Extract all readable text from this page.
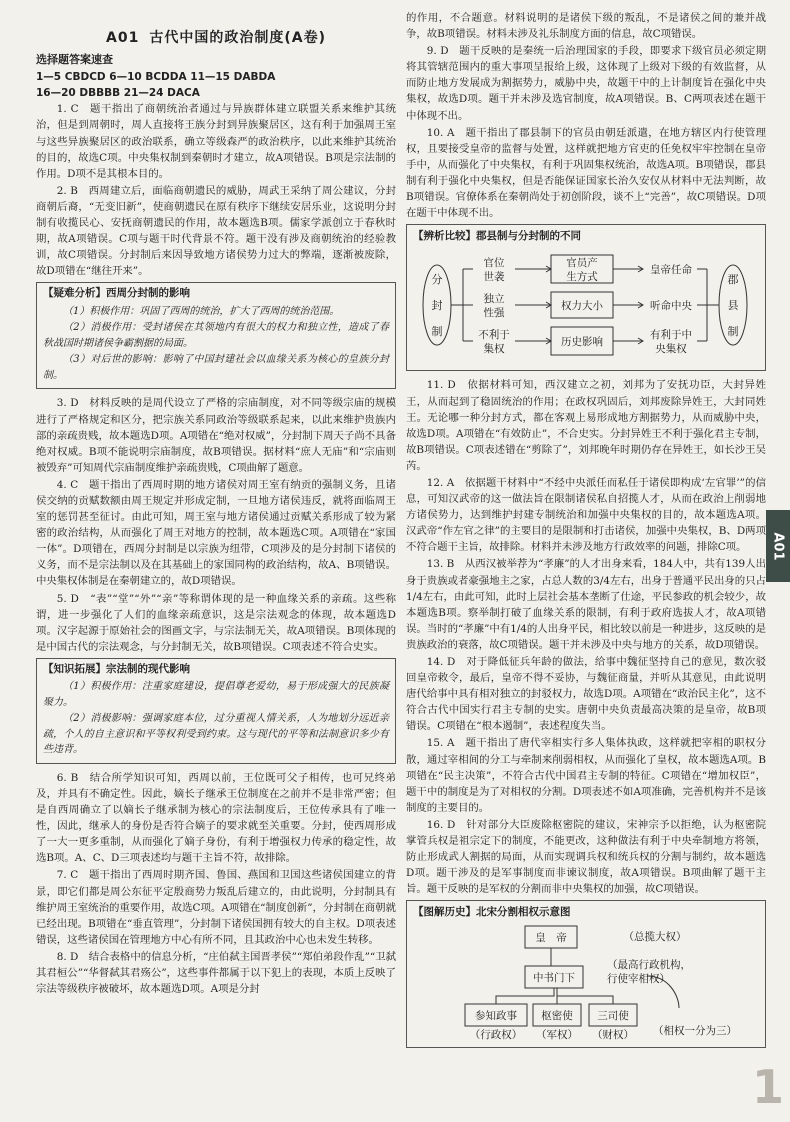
A01 古代中国的政治制度(A卷)
选择题答案速查
1—5 CBDCD 6—10 BCDDA 11—15 DABDA
16—20 DBBBB 21—24 DACA

1. C　题干指出了商朝统治者通过与异族群体建立联盟关系来维护其统治，但是到周朝时，周人直接将王族分封到异族聚居区，这有利于加强周王室与这些异族聚居区的政治联系，确立等级森严的政治秩序，以此来维护其统治的目的，故选C项。中央集权制到秦朝时才建立，故A项错误。B项是宗法制的作用。D项不是其根本目的。

2. B　西周建立后，面临商朝遗民的威胁，周武王采纳了周公建议，分封商朝后裔，“无变旧新”，使商朝遗民在原有秩序下继续安居乐业，这说明分封制有收揽民心、安抚商朝遗民的作用，故本题选B项。儒家学派创立于春秋时期，故A项错误。C项与题干时代背景不符。题干没有涉及商朝统治的经验教训，故C项错误。分封制后来因导致地方诸侯势力过大的弊端，逐渐被废除，故D项错在“继往开来”。

【疑难分析】西周分封制的影响

（1）积极作用：巩固了西周的统治，扩大了西周的统治范围。

（2）消极作用：受封诸侯在其领地内有很大的权力和独立性，造成了春秋战国时期诸侯争霸割据的局面。

（3）对后世的影响：影响了中国封建社会以血缘关系为核心的皇族分封制。

3. D　材料反映的是周代设立了严格的宗庙制度，对不同等级宗庙的规模进行了严格规定和区分，把宗族关系同政治等级联系起来，以此来维护贵族内部的亲疏贵贱，故本题选D项。A项错在“绝对权威”，分封制下周天子尚不具备绝对权威。B项不能说明宗庙制度，故B项错误。据材料“庶人无庙”和“宗庙则被毁弃”可知周代宗庙制度维护亲疏贵贱，C项曲解了题意。

4. C　题干指出了西周时期的地方诸侯对周王室有纳贡的强制义务，且诸侯交纳的贡赋数额由周王规定并形成定制，一旦地方诸侯违反，就将面临周王室的惩罚甚至征讨。由此可知，周王室与地方诸侯通过贡赋关系形成了较为紧密的政治结构，从而强化了周王对地方的控制，故本题选C项。A项错在“家国一体”。D项错在，西周分封制是以宗族为纽带，C项涉及的是分封制下诸侯的义务，而不是宗法制以及在其基础上的家国同构的政治结构，故A、B项错误。中央集权体制是在秦朝建立的，故D项错误。

5. D　“表”“堂”“外”“亲”等称谓体现的是一种血缘关系的亲疏。这些称谓，进一步强化了人们的血缘亲疏意识，这是宗法观念的体现，故本题选D项。汉字起源于原始社会的图画文字，与宗法制无关，故A项错误。B项体现的是中国古代的宗法观念，与分封制无关，故B项错误。C项表述不符合史实。

【知识拓展】宗法制的现代影响

（1）积极作用：注重家庭建设，提倡尊老爱幼，易于形成强大的民族凝聚力。

（2）消极影响：强调家庭本位，过分重视人情关系，人为地划分远近亲疏，个人的自主意识和平等权利受到约束。这与现代的平等和法制意识多少有些违背。

6. B　结合所学知识可知，西周以前，王位既可父子相传，也可兄终弟及，并具有不确定性。因此，嫡长子继承王位制度在之前并不是非常严密；但是自西周确立了以嫡长子继承制为核心的宗法制度后，王位传承具有了唯一性，因此，继承人的身份是否符合嫡子的要求就至关重要。分封，使西周形成了一大一更多重制，从而强化了嫡子身份，有利于增强权力传承的稳定性，故选B项。A、C、D三项表述均与题干主旨不符，故排除。

7. C　题干指出了西周时期齐国、鲁国、燕国和卫国这些诸侯国建立的背景，即它们都是周公东征平定殷商势力叛乱后建立的，由此说明，分封制具有维护周王室统治的重要作用，故选C项。A项错在“制度创新”，分封制在商朝就已经出现。B项错在“垂直管理”，分封制下诸侯国拥有较大的自主权。D项表述错误，这些诸侯国在管理地方中心有所不同，且其政治中心也未发生转移。

8. D　结合表格中的信息分析，“庄伯弑主国晋孝侯”“郑伯弟段作乱”“卫弑其君桓公”“华督弑其君殇公”，这些事件都属于以下犯上的表现，本质上反映了宗法等级秩序被破坏，故本题选D项。A项是分封

的作用，不合题意。材料说明的是诸侯下级的叛乱，不是诸侯之间的兼并战争，故B项错误。材料未涉及礼乐制度方面的信息，故C项错误。

9. D　题干反映的是秦统一后治理国家的手段，即要求下级官员必须定期将其管辖范围内的重大事项呈报给上级，这体现了上级对下级的有效监督，从而防止地方发展成为割据势力，威胁中央，故题干中的上计制度旨在强化中央集权，故选D项。题干并未涉及选官制度，故A项错误。B、C两项表述在题干中体现不出。

10. A　题干指出了郡县制下的官员由朝廷派遣，在地方辖区内行使管理权，且要接受皇帝的监督与处置，这样就把地方官吏的任免权牢牢控制在皇帝手中，从而强化了中央集权，有利于巩固集权统治，故选A项。B项错误，郡县制有利于强化中央集权，但是否能保证国家长治久安仅从材料中无法判断，故B项错误。官僚体系在秦朝尚处于初创阶段，谈不上“完善”，故C项错误。D项在题干中体现不出。

【辨析比较】郡县制与分封制的不同
分
封
制
郡
县
制
官位
世袭
官员产
生方式
皇帝任命
独立
性强
权力大小	听命中央
不利于
集权
历史影响
有利于中
央集权

11. D　依据材料可知，西汉建立之初，刘邦为了安抚功臣，大封异姓王，从而起到了稳固统治的作用；在政权巩固后，刘邦废除异姓王，大封同姓王。无论哪一种分封方式，都在客观上易形成地方割据势力，从而威胁中央，故选D项。A项错在“有效防止”，不合史实。分封异姓王不利于强化君主专制，故B项错误。C项表述错在“剪除了”，刘邦晚年时期仍存在异姓王，如长沙王吴芮。

12. A　依据题干材料中“不经中央派任而私任于诸侯即构成‘左官罪’”的信息，可知汉武帝的这一做法旨在限制诸侯私自招揽人才，从而在政治上削弱地方诸侯势力，达到维护封建专制统治和加强中央集权的目的，故本题选A项。汉武帝“作左官之律”的主要目的是限制和打击诸侯，加强中央集权，B、D两项不符合题干主旨，故排除。材料并未涉及地方行政效率的问题，排除C项。

13. B　从西汉被举荐为“孝廉”的人才出身来看，184人中，共有139人出身于贵族或者豪强地主之家，占总人数的3/4左右，出身于普通平民出身的只占1/4左右，由此可知，此时上层社会基本垄断了仕途，平民参政的机会较少，故本题选B项。察举制打破了血缘关系的限制，有利于政府选拔人才，故A项错误。当时的“孝廉”中有1/4的人出身平民，相比较以前是一种进步，这反映的是贵族政治的衰落，故C项错误。题干并未涉及中央与地方的关系，故D项错误。

14. D　对于降低征兵年龄的做法，给事中魏征坚持自己的意见，数次驳回皇帝敕令，最后，皇帝不得不妥协，与魏征商量，并听从其意见，由此说明唐代给事中具有相对独立的封驳权力，故选D项。A项错在“政治民主化”，这不符合古代中国实行君主专制的史实。唐朝中央负责最高决策的是皇帝，故B项错误。C项错在“根本遏制”，表述程度失当。

15. A　题干指出了唐代宰相实行多人集体执政，这样就把宰相的职权分散，通过宰相间的分工与牵制来削弱相权，从而强化了皇权，故本题选A项。B项错在“民主决策”，不符合古代中国君主专制的特征。C项错在“增加权臣”，题干中的制度是为了对相权的分割。D项表述不如A项准确，完善机构并不是该制度的主要目的。

16. D　针对部分大臣废除枢密院的建议，宋神宗予以拒绝，认为枢密院掌管兵权是祖宗定下的制度，不能更改，这种做法有利于中央牵制地方将领，防止形成武人割据的局面，从而实现调兵权和统兵权的分割与制约，故本题选D项。题干涉及的是军事制度而非谏议制度，故A项错误。B项曲解了题干主旨。题干反映的是军权的分割而非中央集权的加强，故C项错误。

【图解历史】北宋分割相权示意图
皇　帝	（总揽大权）
中书门下
（最高行政机构，
行使宰相权）
参知政事 枢密使 三司使
（行政权） （军权） （财权） （相权一分为三）
A01
1
